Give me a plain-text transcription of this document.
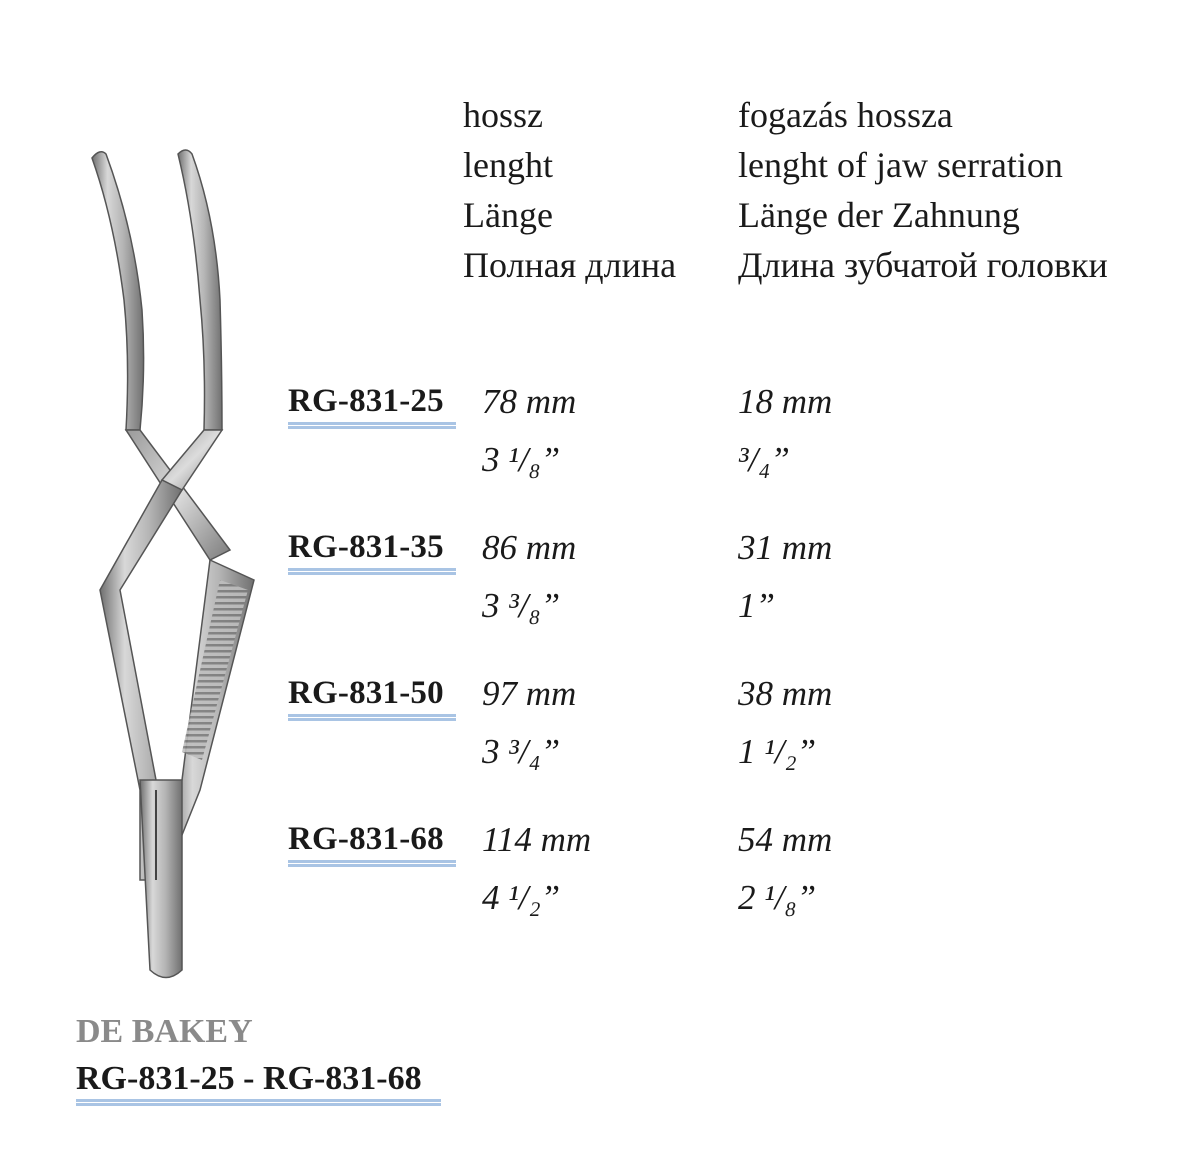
hossz
lenght
Länge
Полная длина
fogazás hossza
lenght of jaw serration
Länge der Zahnung
Длина зубчатой головки
RG-831-25 78 mm
3 ¹/₈”
18 mm
³/₄”
RG-831-35 86 mm
3 ³/₈”
31 mm
1”
RG-831-50 97 mm
3 ³/₄”
38 mm
1 ¹/₂”
RG-831-68 114 mm
4 ¹/₂”
54 mm
2 ¹/₈”
DE BAKEY
RG-831-25 - RG-831-68
